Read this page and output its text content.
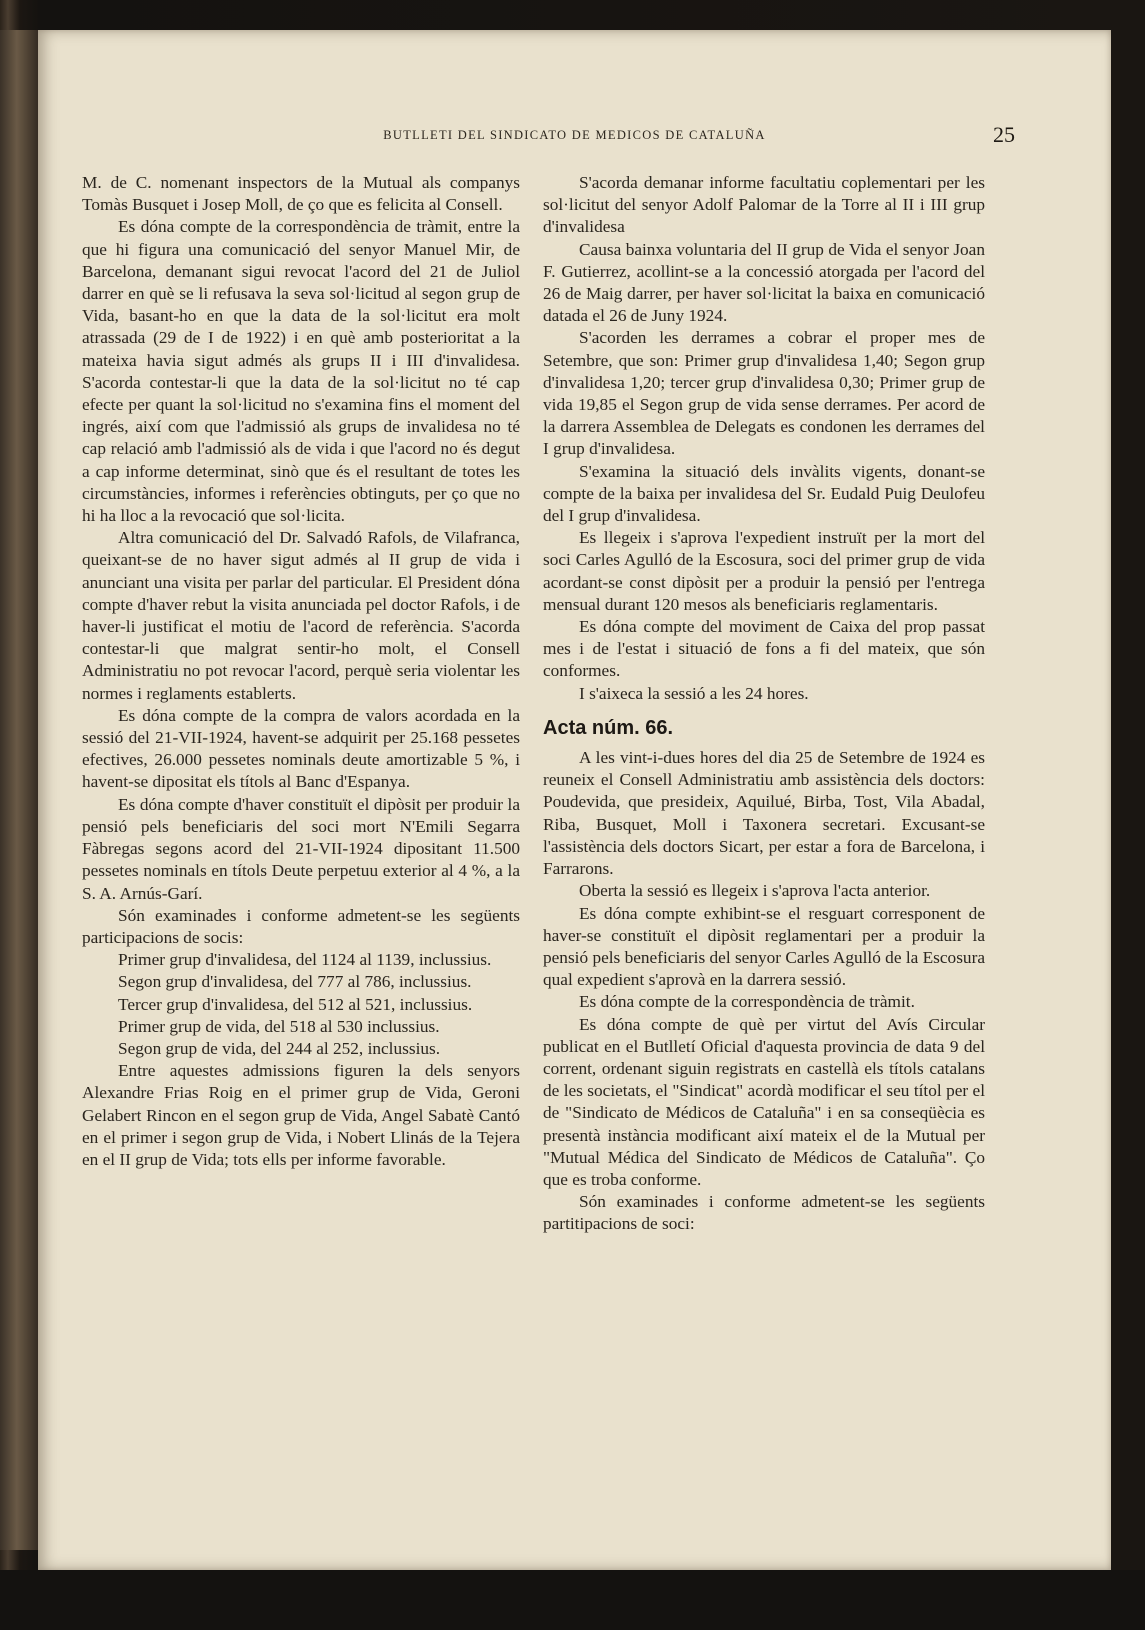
BUTLLETI DEL SINDICATO DE MEDICOS DE CATALUÑA	25

M. de C. nomenant inspectors de la Mutual als companys Tomàs Busquet i Josep Moll, de ço que es felicita al Consell.

Es dóna compte de la correspondència de tràmit, entre la que hi figura una comunicació del senyor Manuel Mir, de Barcelona, demanant sigui revocat l'acord del 21 de Juliol darrer en què se li refusava la seva sol·licitud al segon grup de Vida, basant-ho en que la data de la sol·licitut era molt atrassada (29 de I de 1922) i en què amb posterioritat a la mateixa havia sigut admés als grups II i III d'invalidesa. S'acorda contestar-li que la data de la sol·licitut no té cap efecte per quant la sol·licitud no s'examina fins el moment del ingrés, així com que l'admissió als grups de invalidesa no té cap relació amb l'admissió als de vida i que l'acord no és degut a cap informe determinat, sinò que és el resultant de totes les circumstàncies, informes i referències obtinguts, per ço que no hi ha lloc a la revocació que sol·licita.

Altra comunicació del Dr. Salvadó Rafols, de Vilafranca, queixant-se de no haver sigut admés al II grup de vida i anunciant una visita per parlar del particular. El President dóna compte d'haver rebut la visita anunciada pel doctor Rafols, i de haver-li justificat el motiu de l'acord de referència. S'acorda contestar-li que malgrat sentir-ho molt, el Consell Administratiu no pot revocar l'acord, perquè seria violentar les normes i reglaments establerts.

Es dóna compte de la compra de valors acordada en la sessió del 21-VII-1924, havent-se adquirit per 25.168 pessetes efectives, 26.000 pessetes nominals deute amortizable 5 %, i havent-se dipositat els títols al Banc d'Espanya.

Es dóna compte d'haver constituït el dipòsit per produir la pensió pels beneficiaris del soci mort N'Emili Segarra Fàbregas segons acord del 21-VII-1924 dipositant 11.500 pessetes nominals en títols Deute perpetuu exterior al 4 %, a la S. A. Arnús-Garí.

Són examinades i conforme admetent-se les següents participacions de socis:

Primer grup d'invalidesa, del 1124 al 1139, inclussius.

Segon grup d'invalidesa, del 777 al 786, inclussius.

Tercer grup d'invalidesa, del 512 al 521, inclussius.

Primer grup de vida, del 518 al 530 inclussius.

Segon grup de vida, del 244 al 252, inclussius.

Entre aquestes admissions figuren la dels senyors Alexandre Frias Roig en el primer grup de Vida, Geroni Gelabert Rincon en el segon grup de Vida, Angel Sabatè Cantó en el primer i segon grup de Vida, i Nobert Llinás de la Tejera en el II grup de Vida; tots ells per informe favorable.

S'acorda demanar informe facultatiu coplementari per les sol·licitut del senyor Adolf Palomar de la Torre al II i III grup d'invalidesa

Causa bainxa voluntaria del II grup de Vida el senyor Joan F. Gutierrez, acollint-se a la concessió atorgada per l'acord del 26 de Maig darrer, per haver sol·licitat la baixa en comunicació datada el 26 de Juny 1924.

S'acorden les derrames a cobrar el proper mes de Setembre, que son: Primer grup d'invalidesa 1,40; Segon grup d'invalidesa 1,20; tercer grup d'invalidesa 0,30; Primer grup de vida 19,85 el Segon grup de vida sense derrames. Per acord de la darrera Assemblea de Delegats es condonen les derrames del I grup d'invalidesa.

S'examina la situació dels invàlits vigents, donant-se compte de la baixa per invalidesa del Sr. Eudald Puig Deulofeu del I grup d'invalidesa.

Es llegeix i s'aprova l'expedient instruït per la mort del soci Carles Agulló de la Escosura, soci del primer grup de vida acordant-se const dipòsit per a produir la pensió per l'entrega mensual durant 120 mesos als beneficiaris reglamentaris.

Es dóna compte del moviment de Caixa del prop passat mes i de l'estat i situació de fons a fi del mateix, que són conformes.

I s'aixeca la sessió a les 24 hores.

Acta núm. 66.

A les vint-i-dues hores del dia 25 de Setembre de 1924 es reuneix el Consell Administratiu amb assistència dels doctors: Poudevida, que presideix, Aquilué, Birba, Tost, Vila Abadal, Riba, Busquet, Moll i Taxonera secretari. Excusant-se l'assistència dels doctors Sicart, per estar a fora de Barcelona, i Farrarons.

Oberta la sessió es llegeix i s'aprova l'acta anterior.

Es dóna compte exhibint-se el resguart corresponent de haver-se constituït el dipòsit reglamentari per a produir la pensió pels beneficiaris del senyor Carles Agulló de la Escosura qual expedient s'aprovà en la darrera sessió.

Es dóna compte de la correspondència de tràmit.

Es dóna compte de què per virtut del Avís Circular publicat en el Butlletí Oficial d'aquesta provincia de data 9 del corrent, ordenant siguin registrats en castellà els títols catalans de les societats, el "Sindicat" acordà modificar el seu títol per el de "Sindicato de Médicos de Cataluña" i en sa conseqüècia es presentà instància modificant així mateix el de la Mutual per "Mutual Médica del Sindicato de Médicos de Cataluña". Ço que es troba conforme.

Són examinades i conforme admetent-se les següents partitipacions de soci:
